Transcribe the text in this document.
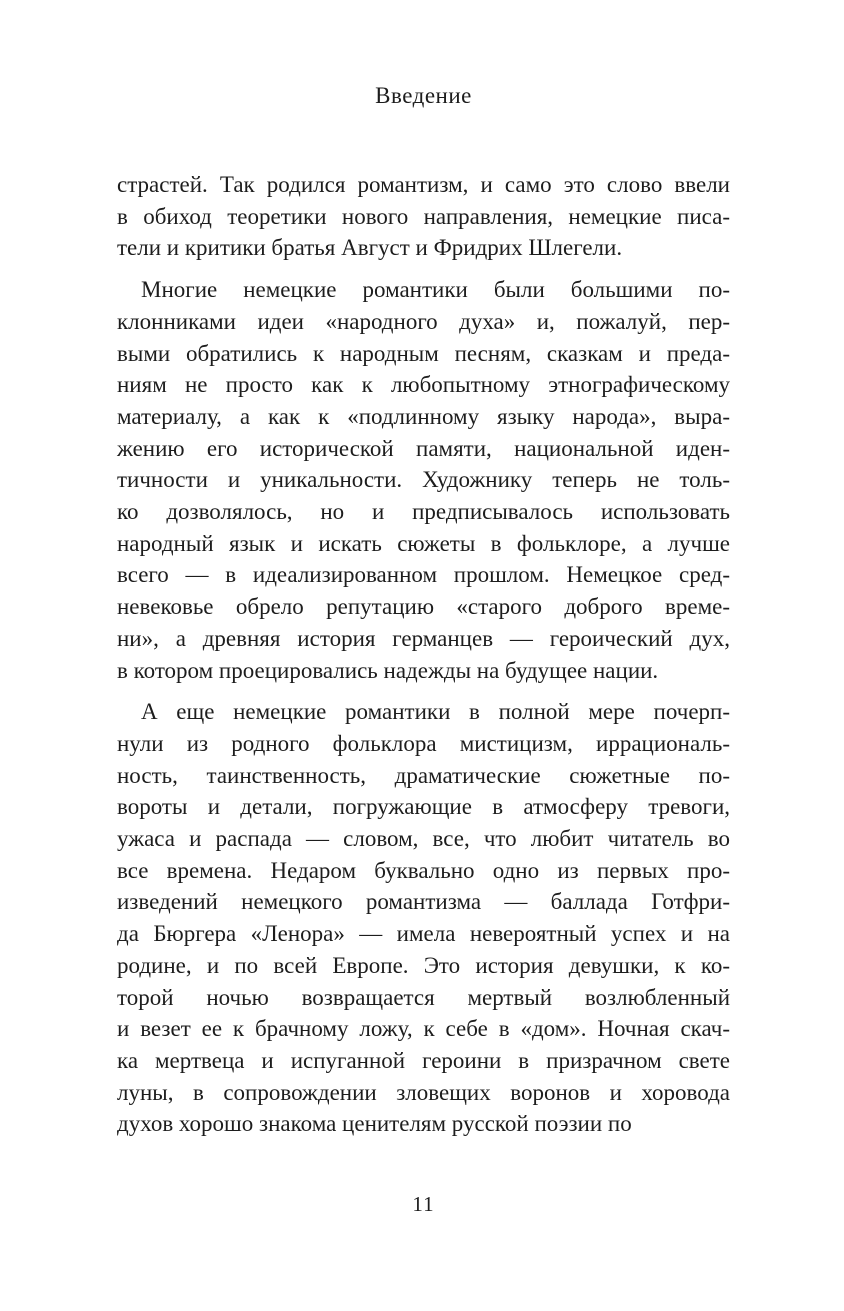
Введение
страстей. Так родился романтизм, и само это слово ввели
в обиход теоретики нового направления, немецкие писа-
тели и критики братья Август и Фридрих Шлегели.
Многие немецкие романтики были большими по-
клонниками идеи «народного духа» и, пожалуй, пер-
выми обратились к народным песням, сказкам и преда-
ниям не просто как к любопытному этнографическому
материалу, а как к «подлинному языку народа», выра-
жению его исторической памяти, национальной иден-
тичности и уникальности. Художнику теперь не толь-
ко дозволялось, но и предписывалось использовать
народный язык и искать сюжеты в фольклоре, а лучше
всего — в идеализированном прошлом. Немецкое сред-
невековье обрело репутацию «старого доброго време-
ни», а древняя история германцев — героический дух,
в котором проецировались надежды на будущее нации.
А еще немецкие романтики в полной мере почерп-
нули из родного фольклора мистицизм, иррациональ-
ность, таинственность, драматические сюжетные по-
вороты и детали, погружающие в атмосферу тревоги,
ужаса и распада — словом, все, что любит читатель во
все времена. Недаром буквально одно из первых про-
изведений немецкого романтизма — баллада Готфри-
да Бюргера «Ленора» — имела невероятный успех и на
родине, и по всей Европе. Это история девушки, к ко-
торой ночью возвращается мертвый возлюбленный
и везет ее к брачному ложу, к себе в «дом». Ночная скач-
ка мертвеца и испуганной героини в призрачном свете
луны, в сопровождении зловещих воронов и хоровода
духов хорошо знакома ценителям русской поэзии по
11
